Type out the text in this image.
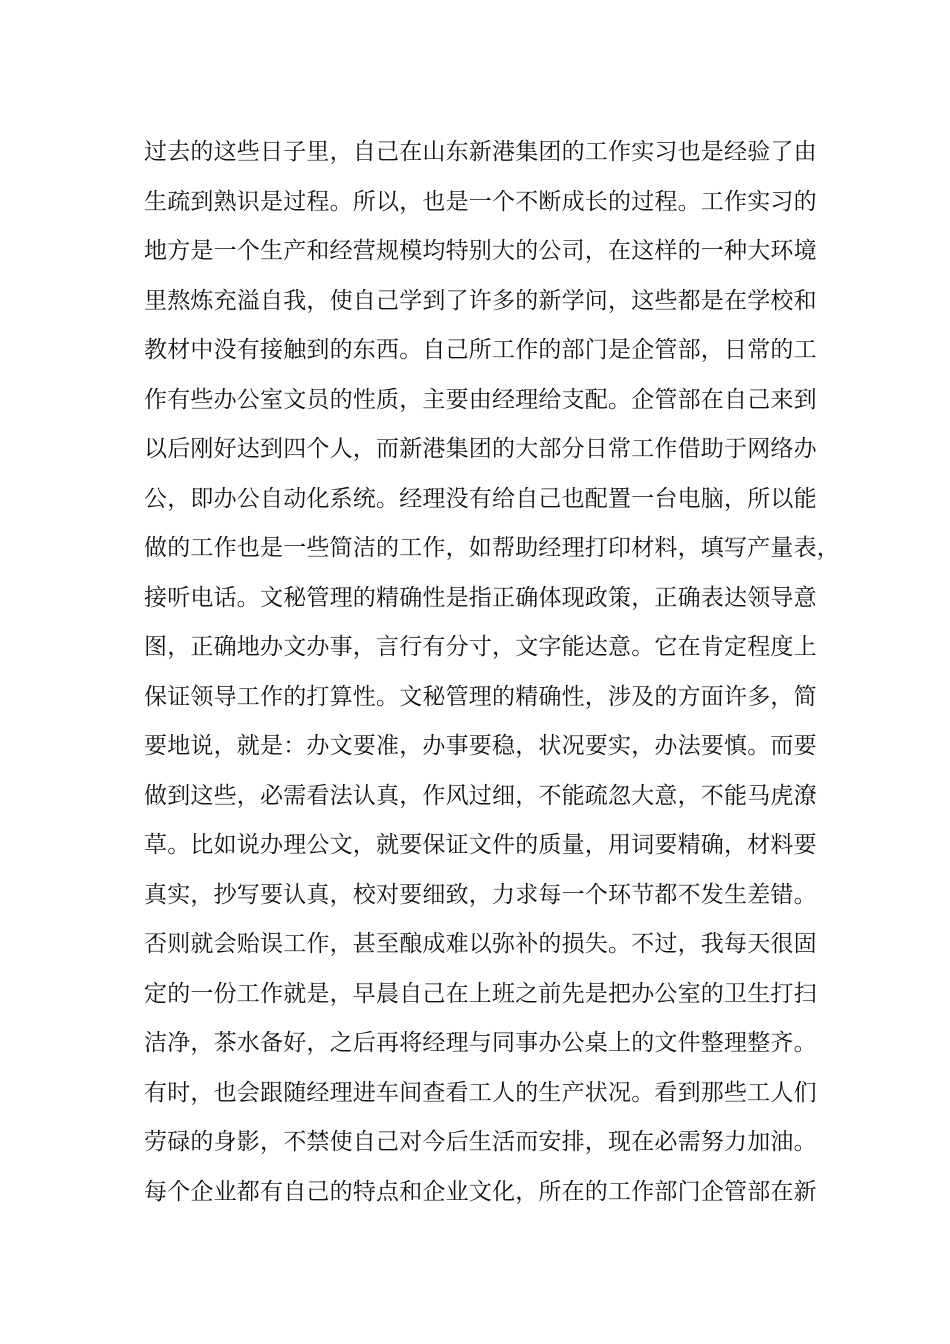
过去的这些日子里，自己在山东新港集团的工作实习也是经验了由
生疏到熟识是过程。所以，也是一个不断成长的过程。工作实习的
地方是一个生产和经营规模均特别大的公司，在这样的一种大环境
里熬炼充溢自我，使自己学到了许多的新学问，这些都是在学校和
教材中没有接触到的东西。自己所工作的部门是企管部，日常的工
作有些办公室文员的性质，主要由经理给支配。企管部在自己来到
以后刚好达到四个人，而新港集团的大部分日常工作借助于网络办
公，即办公自动化系统。经理没有给自己也配置一台电脑，所以能
做的工作也是一些简洁的工作，如帮助经理打印材料，填写产量表，
接听电话。文秘管理的精确性是指正确体现政策，正确表达领导意
图，正确地办文办事，言行有分寸，文字能达意。它在肯定程度上
保证领导工作的打算性。文秘管理的精确性，涉及的方面许多，简
要地说，就是：办文要准，办事要稳，状况要实，办法要慎。而要
做到这些，必需看法认真，作风过细，不能疏忽大意，不能马虎潦
草。比如说办理公文，就要保证文件的质量，用词要精确，材料要
真实，抄写要认真，校对要细致，力求每一个环节都不发生差错。
否则就会贻误工作，甚至酿成难以弥补的损失。不过，我每天很固
定的一份工作就是，早晨自己在上班之前先是把办公室的卫生打扫
洁净，茶水备好，之后再将经理与同事办公桌上的文件整理整齐。
有时，也会跟随经理进车间查看工人的生产状况。看到那些工人们
劳碌的身影，不禁使自己对今后生活而安排，现在必需努力加油。
每个企业都有自己的特点和企业文化，所在的工作部门企管部在新
